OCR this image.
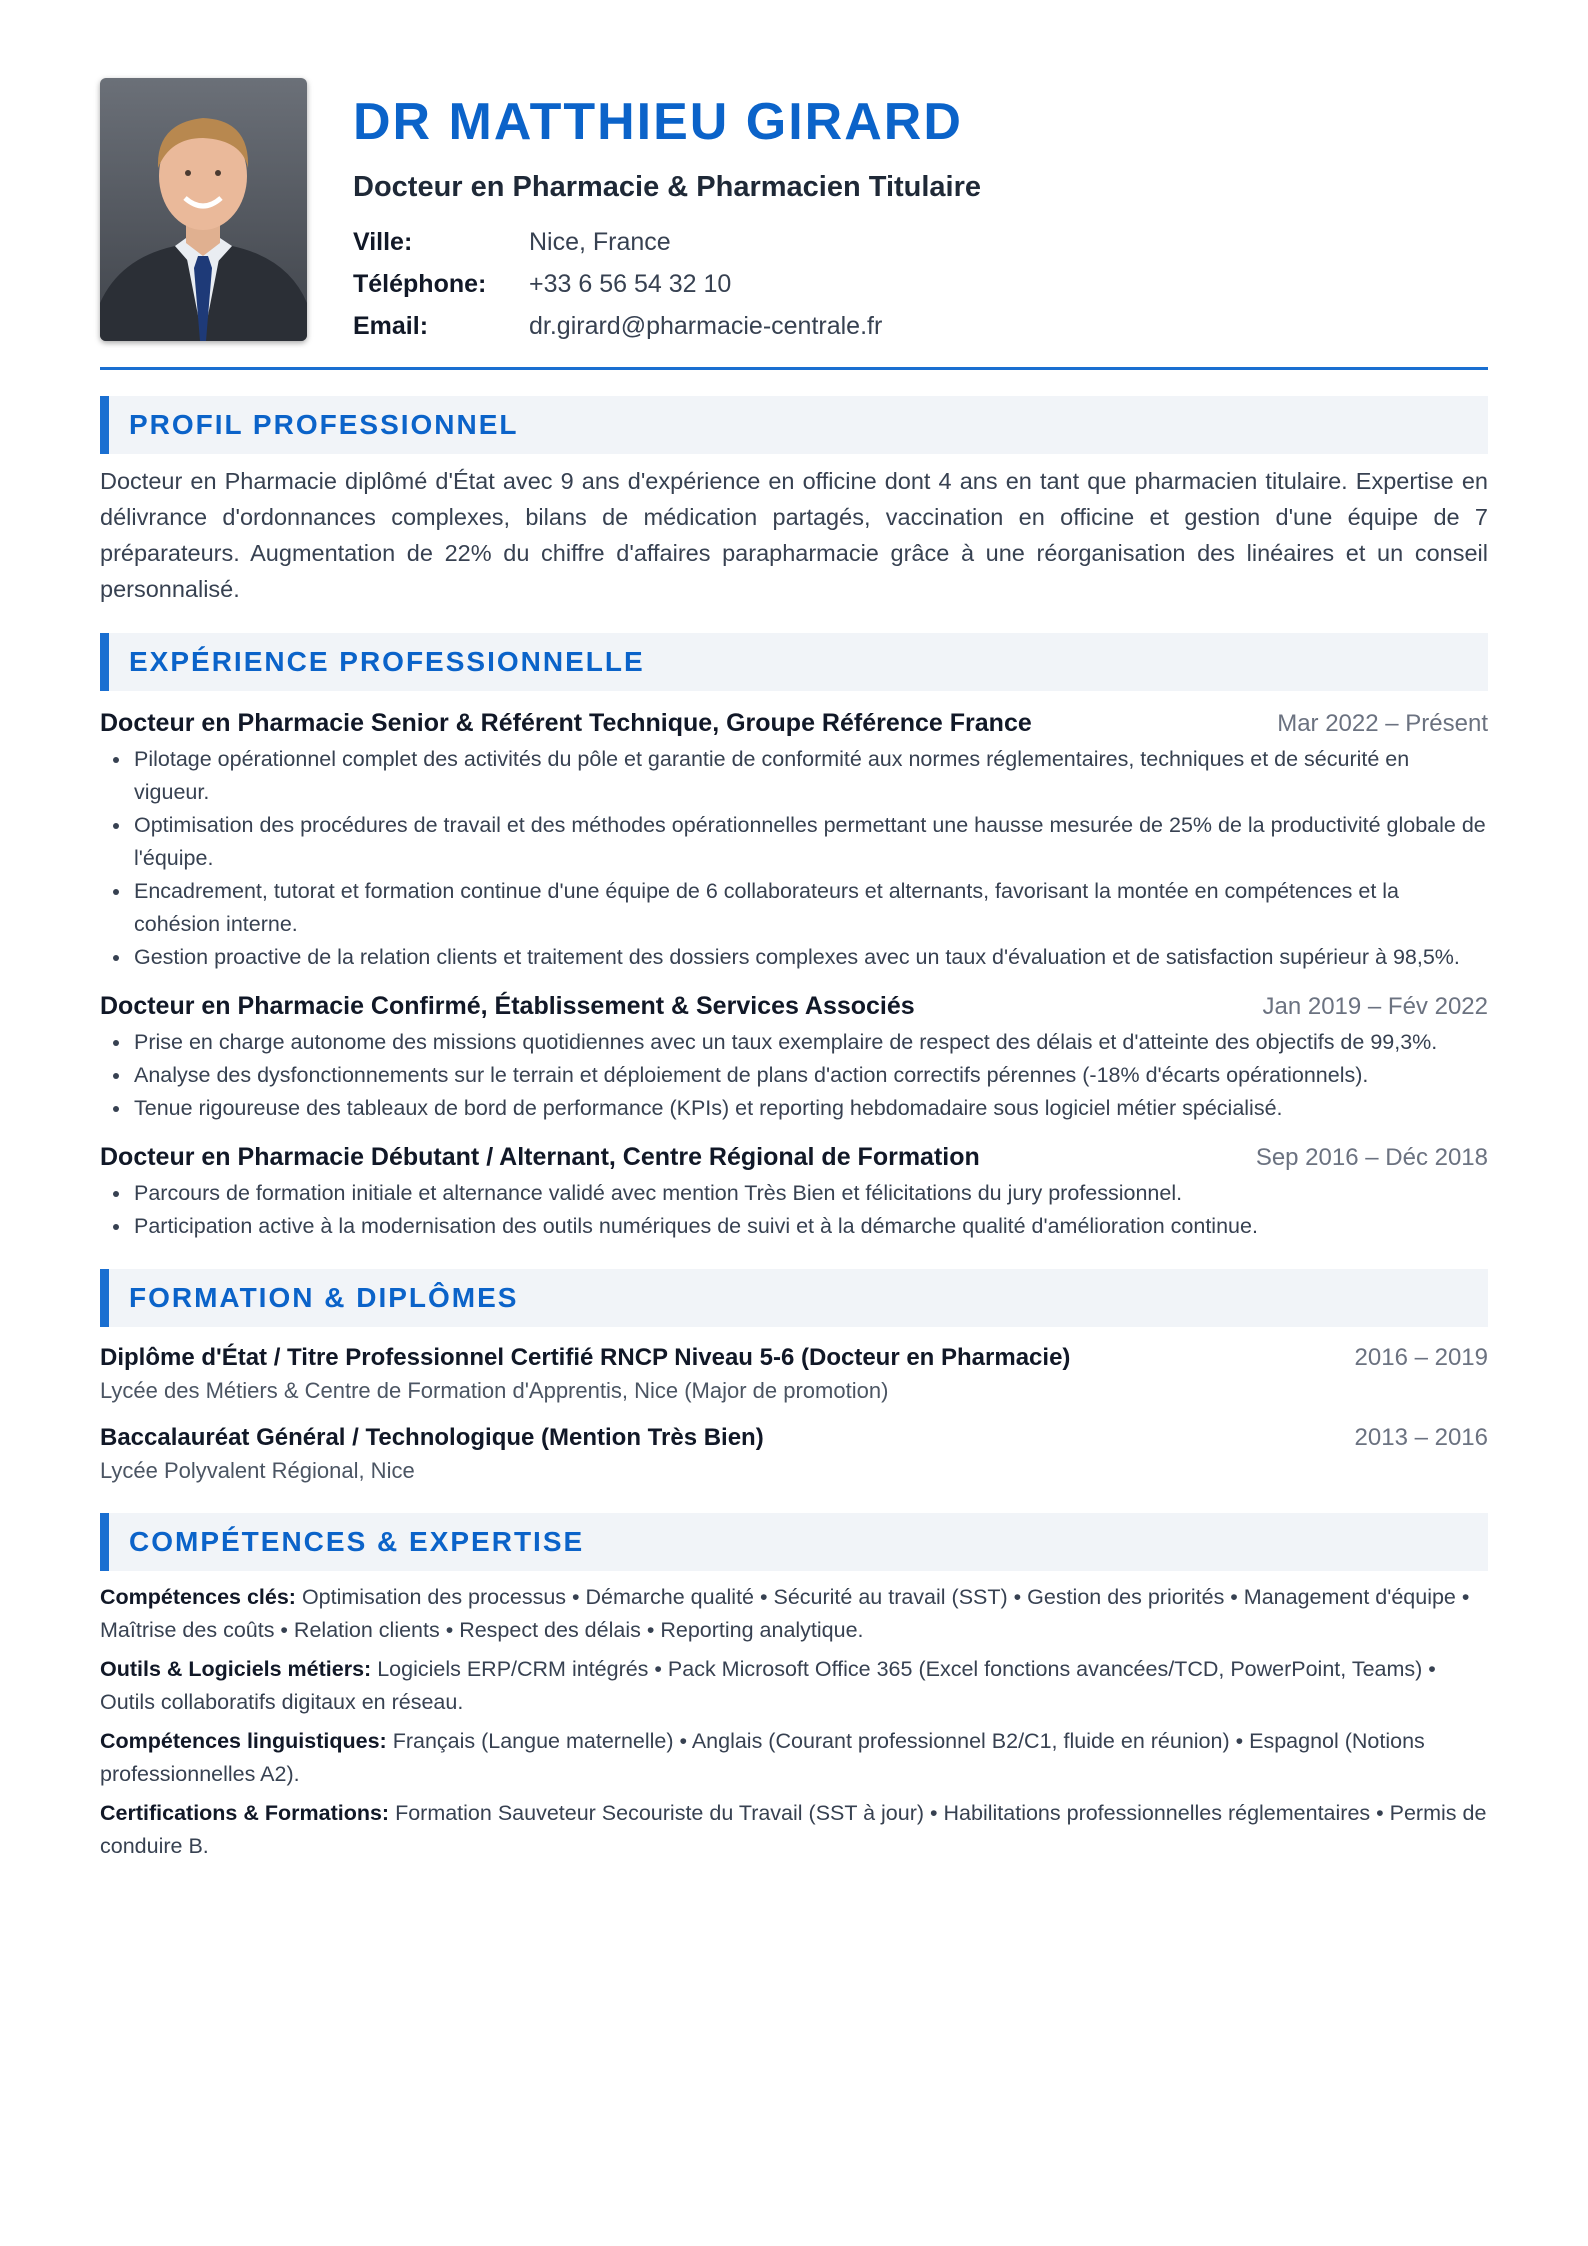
DR MATTHIEU GIRARD
Docteur en Pharmacie & Pharmacien Titulaire
Ville:	Nice, France
Téléphone:	+33 6 56 54 32 10
Email:	dr.girard@pharmacie-centrale.fr
PROFIL PROFESSIONNEL
Docteur en Pharmacie diplômé d'État avec 9 ans d'expérience en officine dont 4 ans en tant que pharmacien titulaire. Expertise en délivrance d'ordonnances complexes, bilans de médication partagés, vaccination en officine et gestion d'une équipe de 7 préparateurs. Augmentation de 22% du chiffre d'affaires parapharmacie grâce à une réorganisation des linéaires et un conseil personnalisé.
EXPÉRIENCE PROFESSIONNELLE
Docteur en Pharmacie Senior & Référent Technique, Groupe Référence France	Mar 2022 – Présent
Pilotage opérationnel complet des activités du pôle et garantie de conformité aux normes réglementaires, techniques et de sécurité en vigueur.
Optimisation des procédures de travail et des méthodes opérationnelles permettant une hausse mesurée de 25% de la productivité globale de l'équipe.
Encadrement, tutorat et formation continue d'une équipe de 6 collaborateurs et alternants, favorisant la montée en compétences et la cohésion interne.
Gestion proactive de la relation clients et traitement des dossiers complexes avec un taux d'évaluation et de satisfaction supérieur à 98,5%.
Docteur en Pharmacie Confirmé, Établissement & Services Associés	Jan 2019 – Fév 2022
Prise en charge autonome des missions quotidiennes avec un taux exemplaire de respect des délais et d'atteinte des objectifs de 99,3%.
Analyse des dysfonctionnements sur le terrain et déploiement de plans d'action correctifs pérennes (-18% d'écarts opérationnels).
Tenue rigoureuse des tableaux de bord de performance (KPIs) et reporting hebdomadaire sous logiciel métier spécialisé.
Docteur en Pharmacie Débutant / Alternant, Centre Régional de Formation	Sep 2016 – Déc 2018
Parcours de formation initiale et alternance validé avec mention Très Bien et félicitations du jury professionnel.
Participation active à la modernisation des outils numériques de suivi et à la démarche qualité d'amélioration continue.
FORMATION & DIPLÔMES
Diplôme d'État / Titre Professionnel Certifié RNCP Niveau 5-6 (Docteur en Pharmacie)	2016 – 2019
Lycée des Métiers & Centre de Formation d'Apprentis, Nice (Major de promotion)
Baccalauréat Général / Technologique (Mention Très Bien)	2013 – 2016
Lycée Polyvalent Régional, Nice
COMPÉTENCES & EXPERTISE
Compétences clés: Optimisation des processus • Démarche qualité • Sécurité au travail (SST) • Gestion des priorités • Management d'équipe • Maîtrise des coûts • Relation clients • Respect des délais • Reporting analytique.
Outils & Logiciels métiers: Logiciels ERP/CRM intégrés • Pack Microsoft Office 365 (Excel fonctions avancées/TCD, PowerPoint, Teams) • Outils collaboratifs digitaux en réseau.
Compétences linguistiques: Français (Langue maternelle) • Anglais (Courant professionnel B2/C1, fluide en réunion) • Espagnol (Notions professionnelles A2).
Certifications & Formations: Formation Sauveteur Secouriste du Travail (SST à jour) • Habilitations professionnelles réglementaires • Permis de conduire B.
